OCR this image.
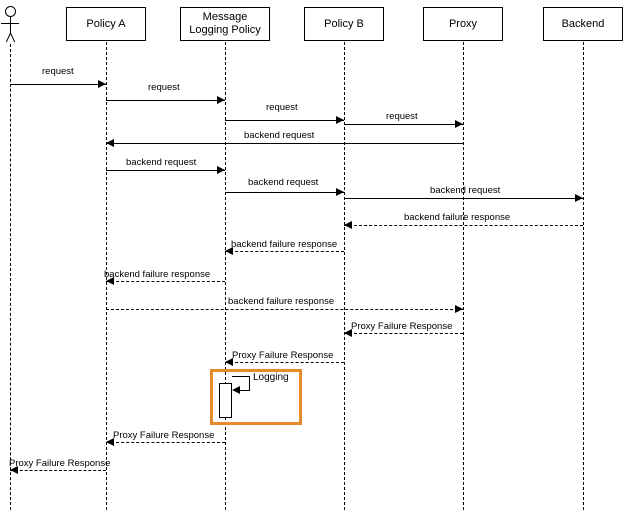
Policy A
Message Logging Policy
Policy B	Proxy	Backend
request
request
request
request
backend request
backend request
backend request
backend request
backend failure response
backend failure response
backend failure response
backend failure response
Proxy Failure Response
Proxy Failure Response
Logging
Proxy Failure Response
Proxy Failure Response
